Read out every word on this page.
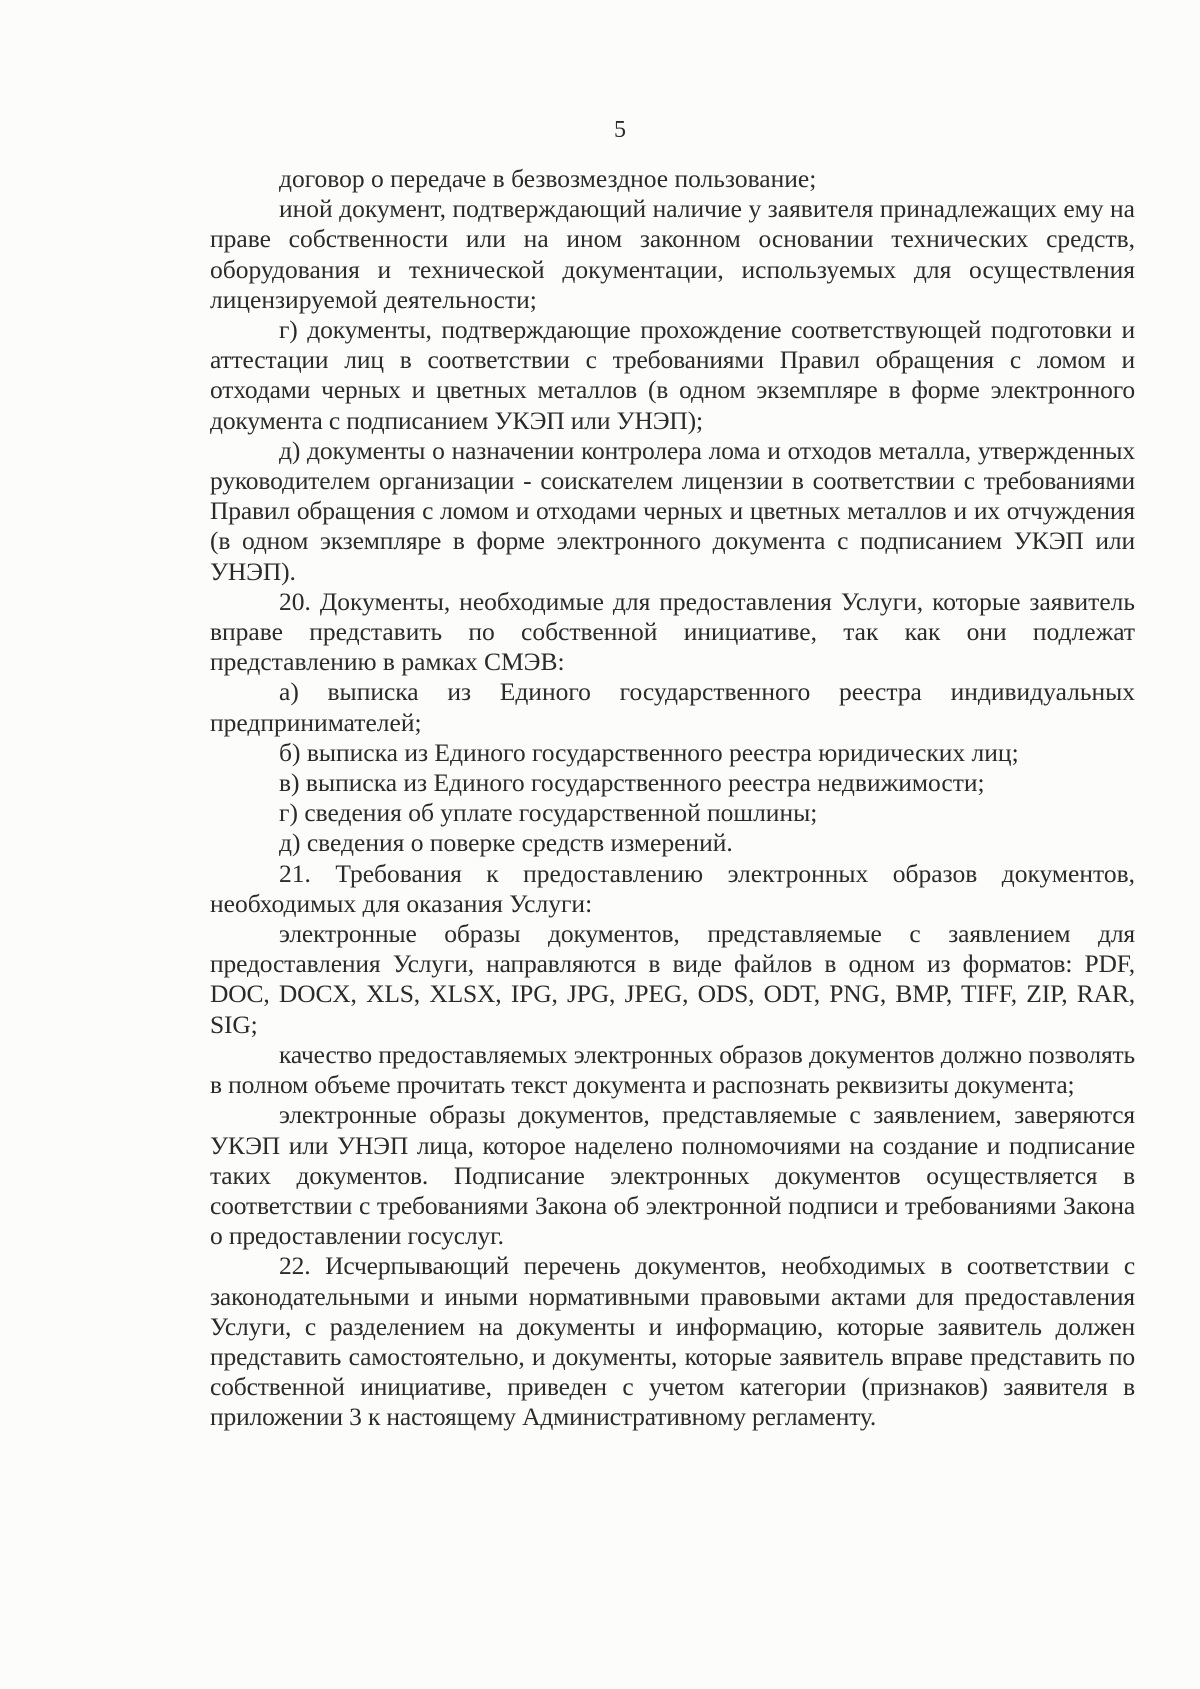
5

договор о передаче в безвозмездное пользование;

иной документ, подтверждающий наличие у заявителя принадлежащих ему на праве собственности или на ином законном основании технических средств, оборудования и технической документации, используемых для осуществления лицензируемой деятельности;

г) документы, подтверждающие прохождение соответствующей подготовки и аттестации лиц в соответствии с требованиями Правил обращения с ломом и отходами черных и цветных металлов (в одном экземпляре в форме электронного документа с подписанием УКЭП или УНЭП);

д) документы о назначении контролера лома и отходов металла, утвержденных руководителем организации - соискателем лицензии в соответствии с требованиями Правил обращения с ломом и отходами черных и цветных металлов и их отчуждения (в одном экземпляре в форме электронного документа с подписанием УКЭП или УНЭП).

20. Документы, необходимые для предоставления Услуги, которые заявитель вправе представить по собственной инициативе, так как они подлежат представлению в рамках СМЭВ:

а) выписка из Единого государственного реестра индивидуальных предпринимателей;

б) выписка из Единого государственного реестра юридических лиц;

в) выписка из Единого государственного реестра недвижимости;

г) сведения об уплате государственной пошлины;

д) сведения о поверке средств измерений.

21. Требования к предоставлению электронных образов документов, необходимых для оказания Услуги:

электронные образы документов, представляемые с заявлением для предоставления Услуги, направляются в виде файлов в одном из форматов: PDF, DOC, DOCX, XLS, XLSX, IPG, JPG, JPEG, ODS, ODT, PNG, BMP, TIFF, ZIP, RAR, SIG;

качество предоставляемых электронных образов документов должно позволять в полном объеме прочитать текст документа и распознать реквизиты документа;

электронные образы документов, представляемые с заявлением, заверяются УКЭП или УНЭП лица, которое наделено полномочиями на создание и подписание таких документов. Подписание электронных документов осуществляется в соответствии с требованиями Закона об электронной подписи и требованиями Закона о предоставлении госуслуг.

22. Исчерпывающий перечень документов, необходимых в соответствии с законодательными и иными нормативными правовыми актами для предоставления Услуги, с разделением на документы и информацию, которые заявитель должен представить самостоятельно, и документы, которые заявитель вправе представить по собственной инициативе, приведен с учетом категории (признаков) заявителя в приложении 3 к настоящему Административному регламенту.
